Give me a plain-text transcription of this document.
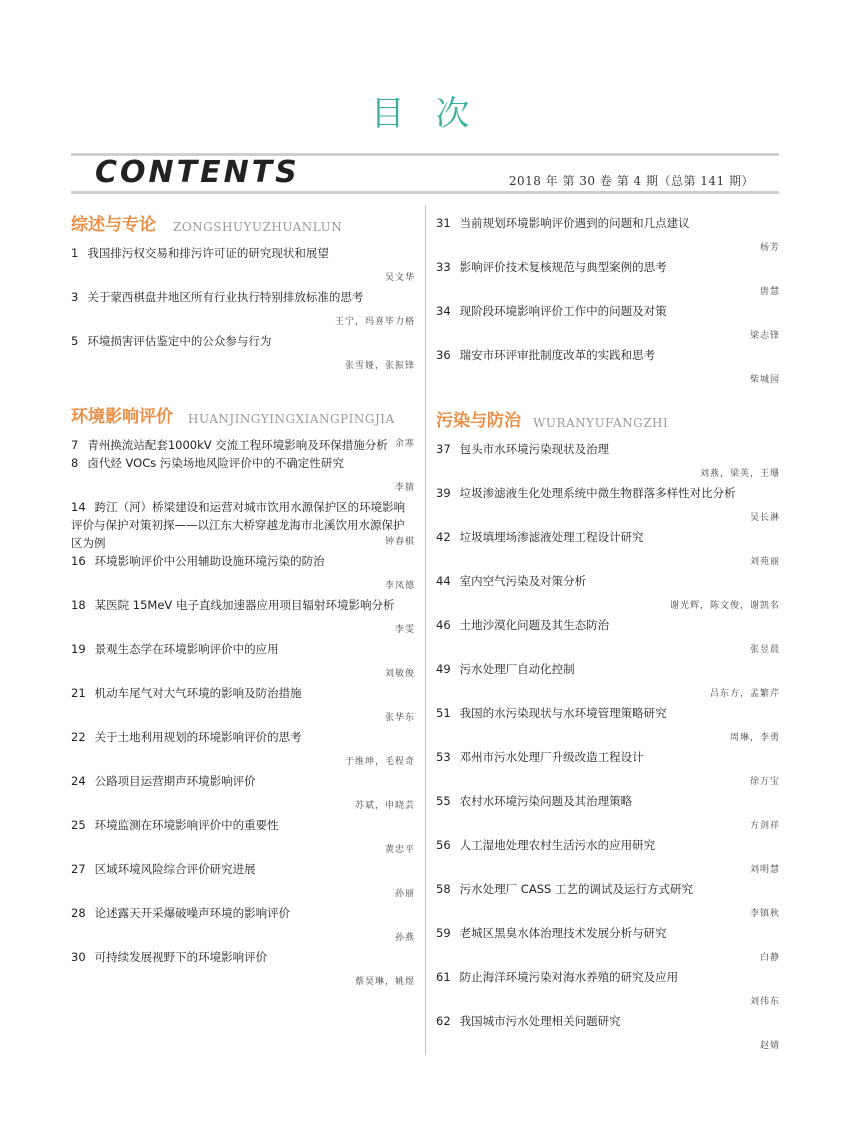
目 次
CONTENTS	2018 年 第 30 卷 第 4 期（总第 141 期）
综述与专论 ZONGSHUYUZHUANLUN
1 我国排污权交易和排污许可证的研究现状和展望
吴文华
3 关于蒙西棋盘井地区所有行业执行特别排放标准的思考
王宁，玛喜毕力格
5 环境损害评估鉴定中的公众参与行为
张雪娅，张振锋
环境影响评价 HUANJINGYINGXIANGPINGJIA
7 青州换流站配套1000kV 交流工程环境影响及环保措施分析 余寒
8 卤代烃 VOCs 污染场地风险评价中的不确定性研究
李腈
14 跨江（河）桥梁建设和运营对城市饮用水源保护区的环境影响评价与保护对策初探——以江东大桥穿越龙海市北溪饮用水源保护区为例	钟春棋
16 环境影响评价中公用辅助设施环境污染的防治
李凤德
18 某医院 15MeV 电子直线加速器应用项目辐射环境影响分析
李雯
19 景观生态学在环境影响评价中的应用
刘敏俊
21 机动车尾气对大气环境的影响及防治措施
张华东
22 关于土地利用规划的环境影响评价的思考
于维坤，毛程奇
24 公路项目运营期声环境影响评价
苏斌，申晓芸
25 环境监测在环境影响评价中的重要性
黄忠平
27 区域环境风险综合评价研究进展
孙丽
28 论述露天开采爆破噪声环境的影响评价
孙燕
30 可持续发展视野下的环境影响评价
蔡昊琳，姚煜
31 当前规划环境影响评价遇到的问题和几点建议
杨芳
33 影响评价技术复核规范与典型案例的思考
唐慧
34 现阶段环境影响评价工作中的问题及对策
梁志锋
36 瑞安市环评审批制度改革的实践和思考
柴城园
污染与防治 WURANYUFANGZHI
37 包头市水环境污染现状及治理
刘燕，梁英，王珊
39 垃圾渗滤液生化处理系统中微生物群落多样性对比分析
吴长淋
42 垃圾填埋场渗滤液处理工程设计研究
刘苑丽
44 室内空气污染及对策分析
谢光辉，陈文俊，谢凯名
46 土地沙漠化问题及其生态防治
张昱晨
49 污水处理厂自动化控制
吕东方，孟繁芹
51 我国的水污染现状与水环境管理策略研究
周琳，李勇
53 邓州市污水处理厂升级改造工程设计
徐万宝
55 农村水环境污染问题及其治理策略
方剑祥
56 人工湿地处理农村生活污水的应用研究
刘明慧
58 污水处理厂 CASS 工艺的调试及运行方式研究
李镇秋
59 老城区黑臭水体治理技术发展分析与研究
白静
61 防止海洋环境污染对海水养殖的研究及应用
刘伟东
62 我国城市污水处理相关问题研究
赵婧
